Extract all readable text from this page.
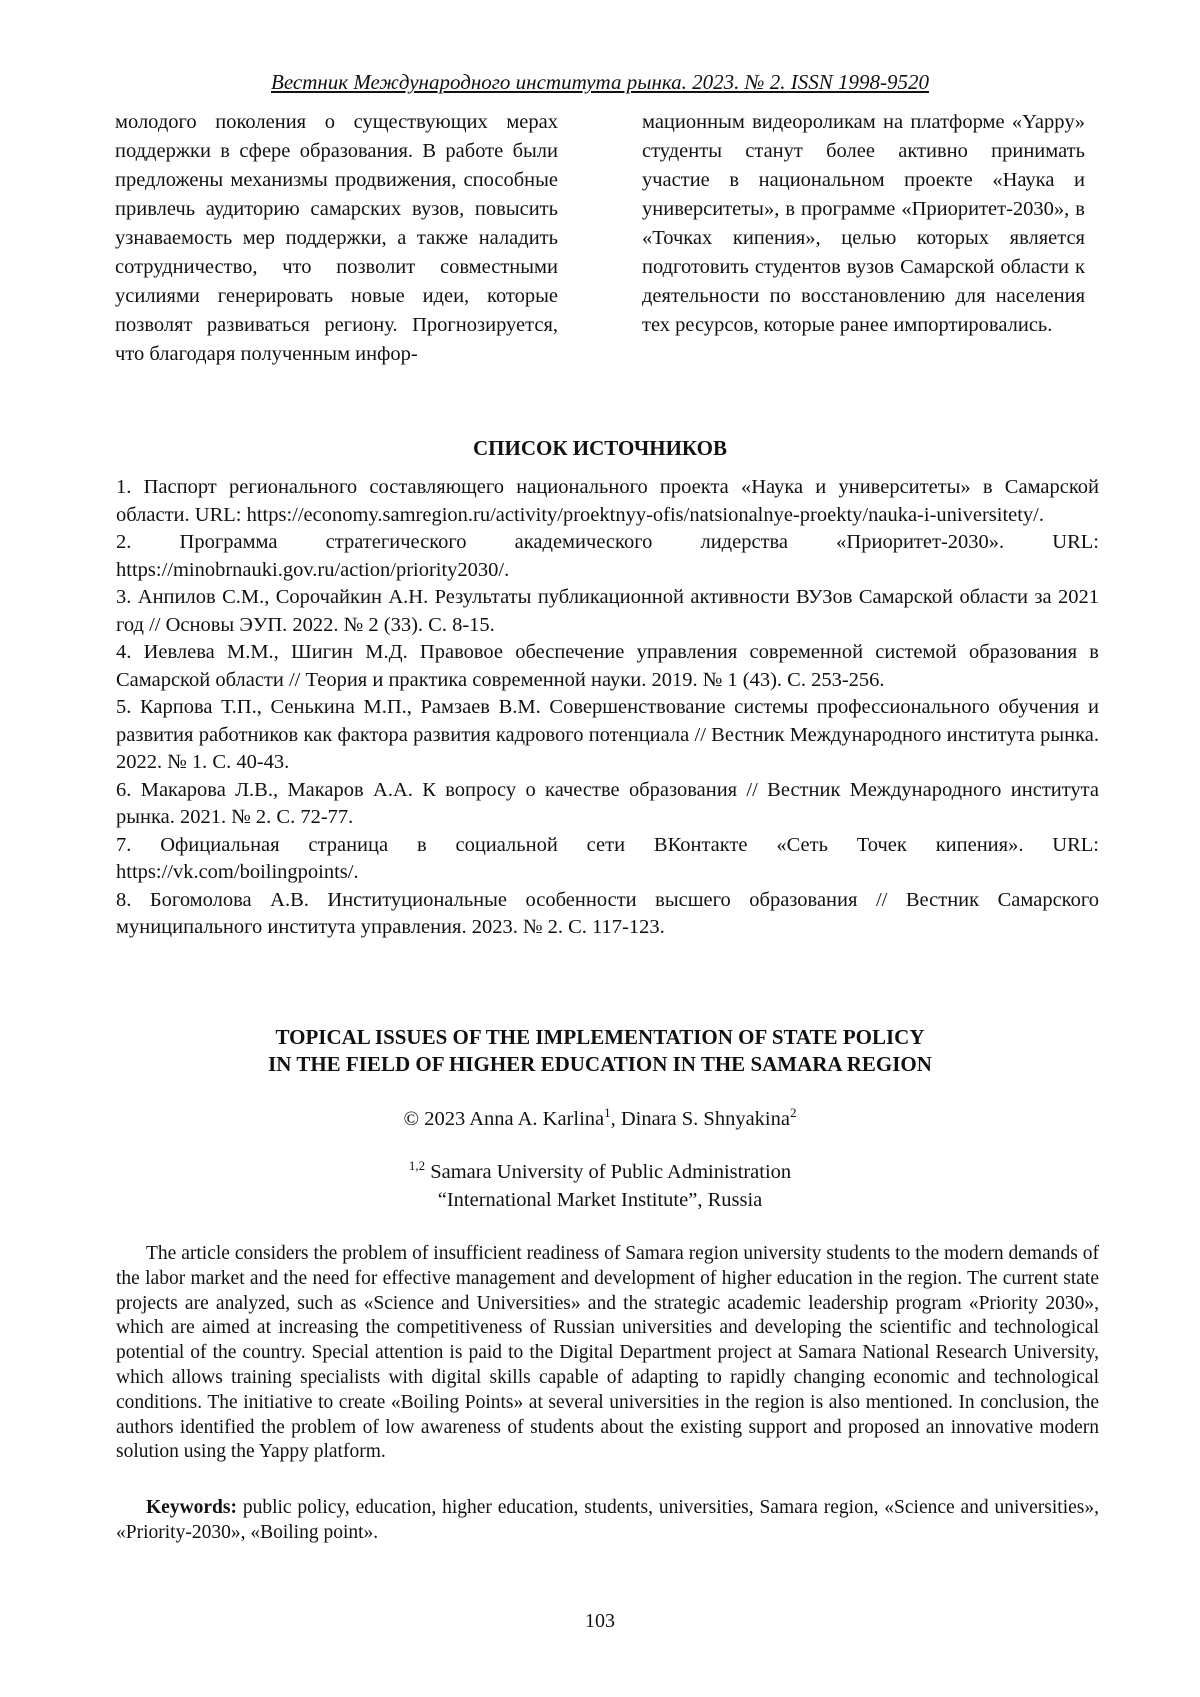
Вестник Международного института рынка. 2023. № 2. ISSN 1998-9520
молодого поколения о существующих мерах поддержки в сфере образования. В работе были предложены механизмы продвижения, способные привлечь аудиторию самарских вузов, повысить узнаваемость мер поддержки, а также наладить сотрудничество, что позволит совместными усилиями генерировать новые идеи, которые позволят развиваться региону. Прогнозируется, что благодаря полученным инфор-
мационным видеороликам на платформе «Yappy» студенты станут более активно принимать участие в национальном проекте «Наука и университеты», в программе «Приоритет-2030», в «Точках кипения», целью которых является подготовить студентов вузов Самарской области к деятельности по восстановлению для населения тех ресурсов, которые ранее импортировались.
СПИСОК ИСТОЧНИКОВ
1. Паспорт регионального составляющего национального проекта «Наука и университеты» в Самарской области. URL: https://economy.samregion.ru/activity/proektnyy-ofis/natsionalnye-proekty/nauka-i-universitety/.
2. Программа стратегического академического лидерства «Приоритет-2030». URL: https://minobrnauki.gov.ru/action/priority2030/.
3. Анпилов С.М., Сорочайкин А.Н. Результаты публикационной активности ВУЗов Самарской области за 2021 год // Основы ЭУП. 2022. № 2 (33). С. 8-15.
4. Иевлева М.М., Шигин М.Д. Правовое обеспечение управления современной системой образования в Самарской области // Теория и практика современной науки. 2019. № 1 (43). С. 253-256.
5. Карпова Т.П., Сенькина М.П., Рамзаев В.М. Совершенствование системы профессионального обучения и развития работников как фактора развития кадрового потенциала // Вестник Международного института рынка. 2022. № 1. С. 40-43.
6. Макарова Л.В., Макаров А.А. К вопросу о качестве образования // Вестник Международного института рынка. 2021. № 2. С. 72-77.
7. Официальная страница в социальной сети ВКонтакте «Сеть Точек кипения». URL: https://vk.com/boilingpoints/.
8. Богомолова А.В. Институциональные особенности высшего образования // Вестник Самарского муниципального института управления. 2023. № 2. С. 117-123.
TOPICAL ISSUES OF THE IMPLEMENTATION OF STATE POLICY
IN THE FIELD OF HIGHER EDUCATION IN THE SAMARA REGION
© 2023 Anna A. Karlina$^1$, Dinara S. Shnyakina$^2$
$^{1,2}$ Samara University of Public Administration
“International Market Institute”, Russia
The article considers the problem of insufficient readiness of Samara region university students to the modern demands of the labor market and the need for effective management and development of higher education in the region. The current state projects are analyzed, such as «Science and Universities» and the strategic academic leadership program «Priority 2030», which are aimed at increasing the competitiveness of Russian universities and developing the scientific and technological potential of the country. Special attention is paid to the Digital Department project at Samara National Research University, which allows training specialists with digital skills capable of adapting to rapidly changing economic and technological conditions. The initiative to create «Boiling Points» at several universities in the region is also mentioned. In conclusion, the authors identified the problem of low awareness of students about the existing support and proposed an innovative modern solution using the Yappy platform.
Keywords: public policy, education, higher education, students, universities, Samara region, «Science and universities», «Priority-2030», «Boiling point».
103
